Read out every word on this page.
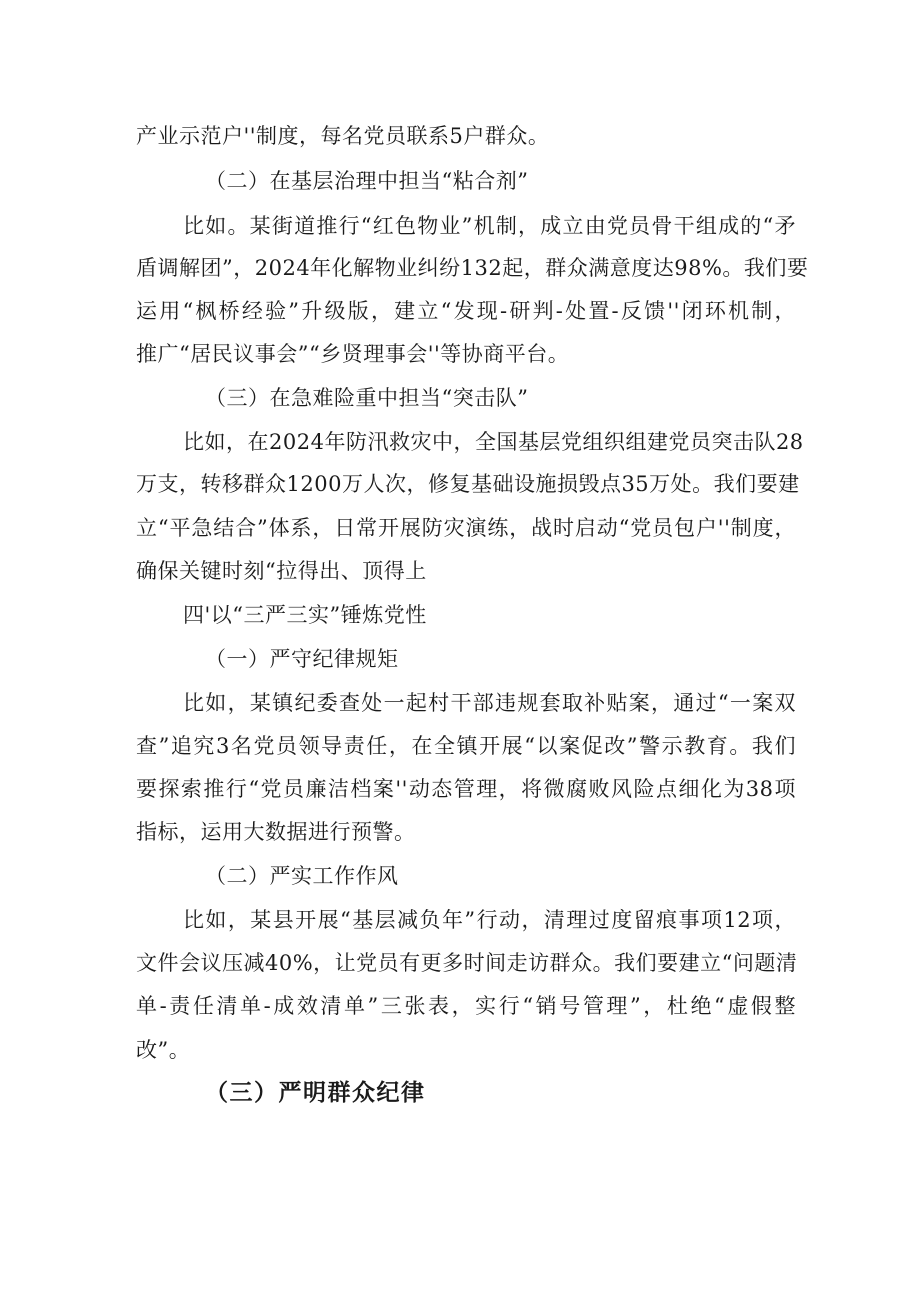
产业示范户''制度，每名党员联系5户群众。
（二）在基层治理中担当“粘合剂”
比如。某街道推行“红色物业”机制，成立由党员骨干组成的“矛
盾调解团”，2024年化解物业纠纷132起，群众满意度达98%。我们要
运用“枫桥经验”升级版，建立“发现-研判-处置-反馈''闭环机制，
推广“居民议事会”“乡贤理事会''等协商平台。
（三）在急难险重中担当“突击队”
比如，在2024年防汛救灾中，全国基层党组织组建党员突击队28
万支，转移群众1200万人次，修复基础设施损毁点35万处。我们要建
立“平急结合”体系，日常开展防灾演练，战时启动“党员包户''制度，
确保关键时刻“拉得出、顶得上
四'以“三严三实”锤炼党性
（一）严守纪律规矩
比如，某镇纪委查处一起村干部违规套取补贴案，通过“一案双
查”追究3名党员领导责任，在全镇开展“以案促改”警示教育。我们
要探索推行“党员廉洁档案''动态管理，将微腐败风险点细化为38项
指标，运用大数据进行预警。
（二）严实工作作风
比如，某县开展“基层减负年”行动，清理过度留痕事项12项，
文件会议压减40%，让党员有更多时间走访群众。我们要建立“问题清
单-责任清单-成效清单”三张表，实行“销号管理”，杜绝“虚假整
改”。
（三）严明群众纪律
